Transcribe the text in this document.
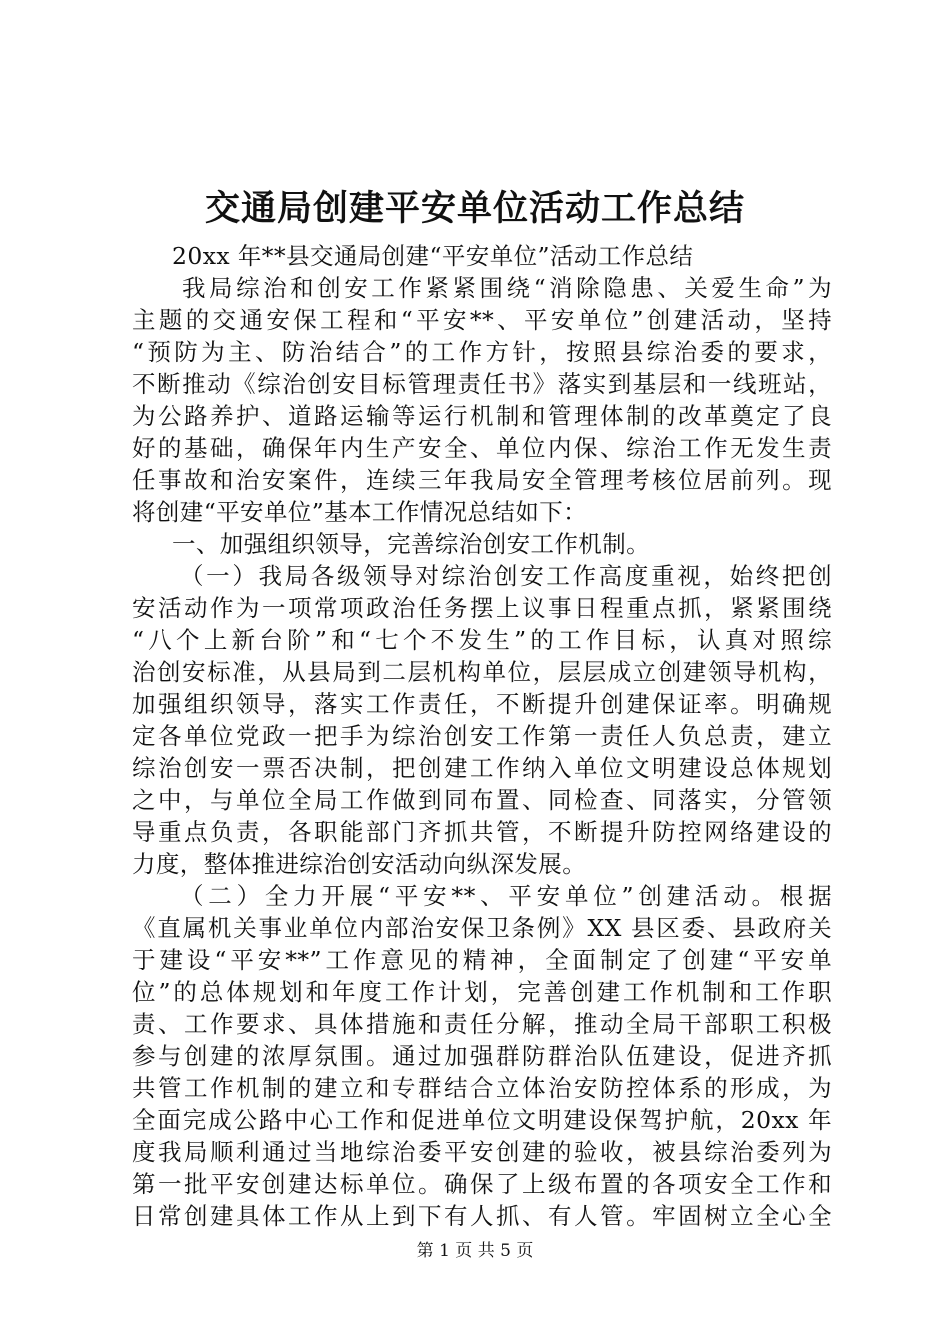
交通局创建平安单位活动工作总结
20xx 年**县交通局创建“平安单位”活动工作总结
我局综治和创安工作紧紧围绕“消除隐患、关爱生命”为
主题的交通安保工程和“平安**、平安单位”创建活动，坚持
“预防为主、防治结合”的工作方针，按照县综治委的要求，
不断推动《综治创安目标管理责任书》落实到基层和一线班站，
为公路养护、道路运输等运行机制和管理体制的改革奠定了良
好的基础，确保年内生产安全、单位内保、综治工作无发生责
任事故和治安案件，连续三年我局安全管理考核位居前列。现
将创建“平安单位”基本工作情况总结如下：
一、加强组织领导，完善综治创安工作机制。
（一）我局各级领导对综治创安工作高度重视，始终把创
安活动作为一项常项政治任务摆上议事日程重点抓，紧紧围绕
“八个上新台阶”和“七个不发生”的工作目标，认真对照综
治创安标准，从县局到二层机构单位，层层成立创建领导机构，
加强组织领导，落实工作责任，不断提升创建保证率。明确规
定各单位党政一把手为综治创安工作第一责任人负总责，建立
综治创安一票否决制，把创建工作纳入单位文明建设总体规划
之中，与单位全局工作做到同布置、同检查、同落实，分管领
导重点负责，各职能部门齐抓共管，不断提升防控网络建设的
力度，整体推进综治创安活动向纵深发展。
（二）全力开展“平安**、平安单位”创建活动。根据
《直属机关事业单位内部治安保卫条例》XX 县区委、县政府关
于建设“平安**”工作意见的精神，全面制定了创建“平安单
位”的总体规划和年度工作计划，完善创建工作机制和工作职
责、工作要求、具体措施和责任分解，推动全局干部职工积极
参与创建的浓厚氛围。通过加强群防群治队伍建设，促进齐抓
共管工作机制的建立和专群结合立体治安防控体系的形成，为
全面完成公路中心工作和促进单位文明建设保驾护航，20xx 年
度我局顺利通过当地综治委平安创建的验收，被县综治委列为
第一批平安创建达标单位。确保了上级布置的各项安全工作和
日常创建具体工作从上到下有人抓、有人管。牢固树立全心全
第 1 页 共 5 页
